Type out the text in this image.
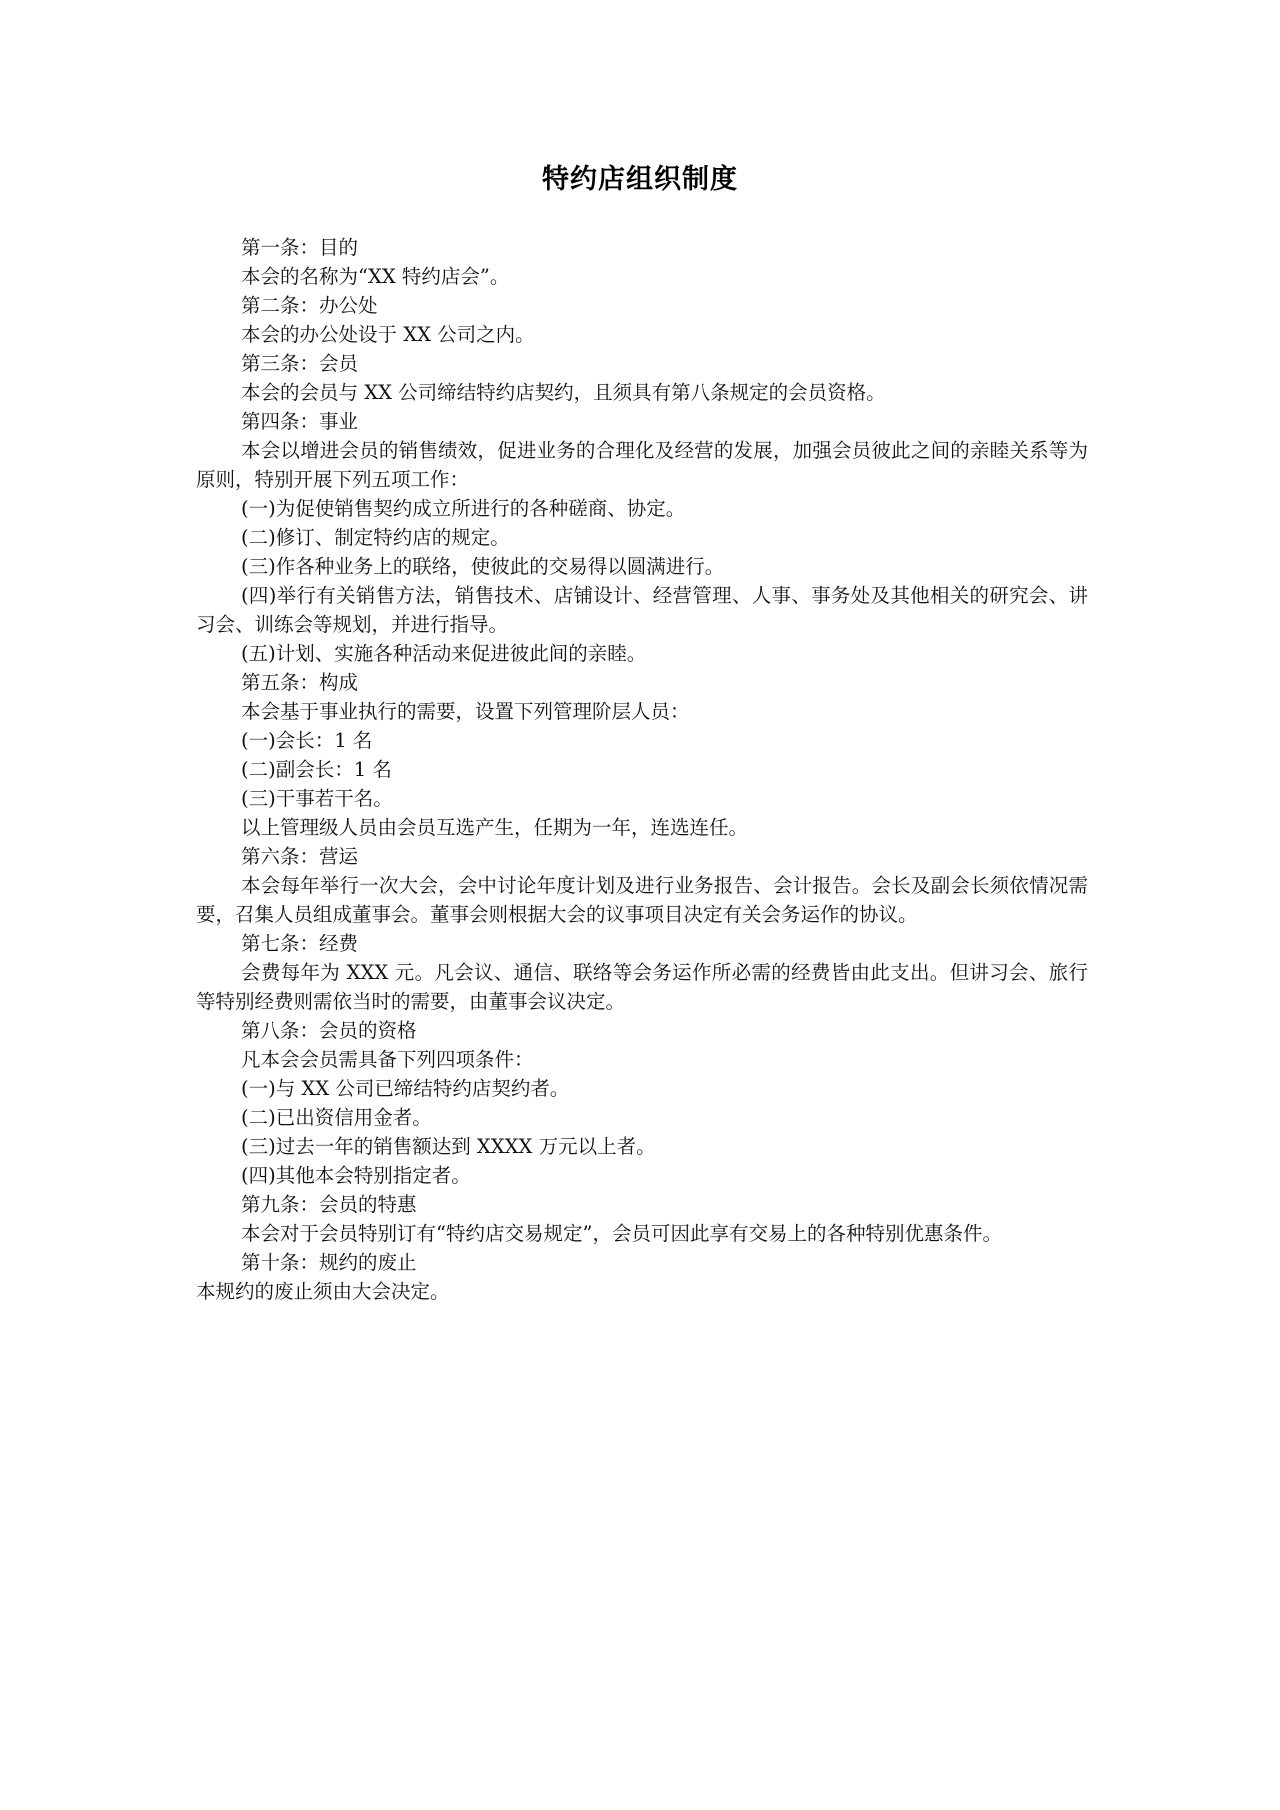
特约店组织制度

第一条：目的

本会的名称为“XX 特约店会”。

第二条：办公处

本会的办公处设于 XX 公司之内。

第三条：会员

本会的会员与 XX 公司缔结特约店契约，且须具有第八条规定的会员资格。

第四条：事业

本会以增进会员的销售绩效，促进业务的合理化及经营的发展，加强会员彼此之间的亲睦关系等为原则，特别开展下列五项工作：

(一)为促使销售契约成立所进行的各种磋商、协定。

(二)修订、制定特约店的规定。

(三)作各种业务上的联络，使彼此的交易得以圆满进行。

(四)举行有关销售方法，销售技术、店铺设计、经营管理、人事、事务处及其他相关的研究会、讲习会、训练会等规划，并进行指导。

(五)计划、实施各种活动来促进彼此间的亲睦。

第五条：构成

本会基于事业执行的需要，设置下列管理阶层人员：

(一)会长：1 名

(二)副会长：1 名

(三)干事若干名。

以上管理级人员由会员互选产生，任期为一年，连选连任。

第六条：营运

本会每年举行一次大会，会中讨论年度计划及进行业务报告、会计报告。会长及副会长须依情况需要，召集人员组成董事会。董事会则根据大会的议事项目决定有关会务运作的协议。

第七条：经费

会费每年为 XXX 元。凡会议、通信、联络等会务运作所必需的经费皆由此支出。但讲习会、旅行等特别经费则需依当时的需要，由董事会议决定。

第八条：会员的资格

凡本会会员需具备下列四项条件：

(一)与 XX 公司已缔结特约店契约者。

(二)已出资信用金者。

(三)过去一年的销售额达到 XXXX 万元以上者。

(四)其他本会特别指定者。

第九条：会员的特惠

本会对于会员特别订有“特约店交易规定”，会员可因此享有交易上的各种特别优惠条件。

第十条：规约的废止

本规约的废止须由大会决定。
